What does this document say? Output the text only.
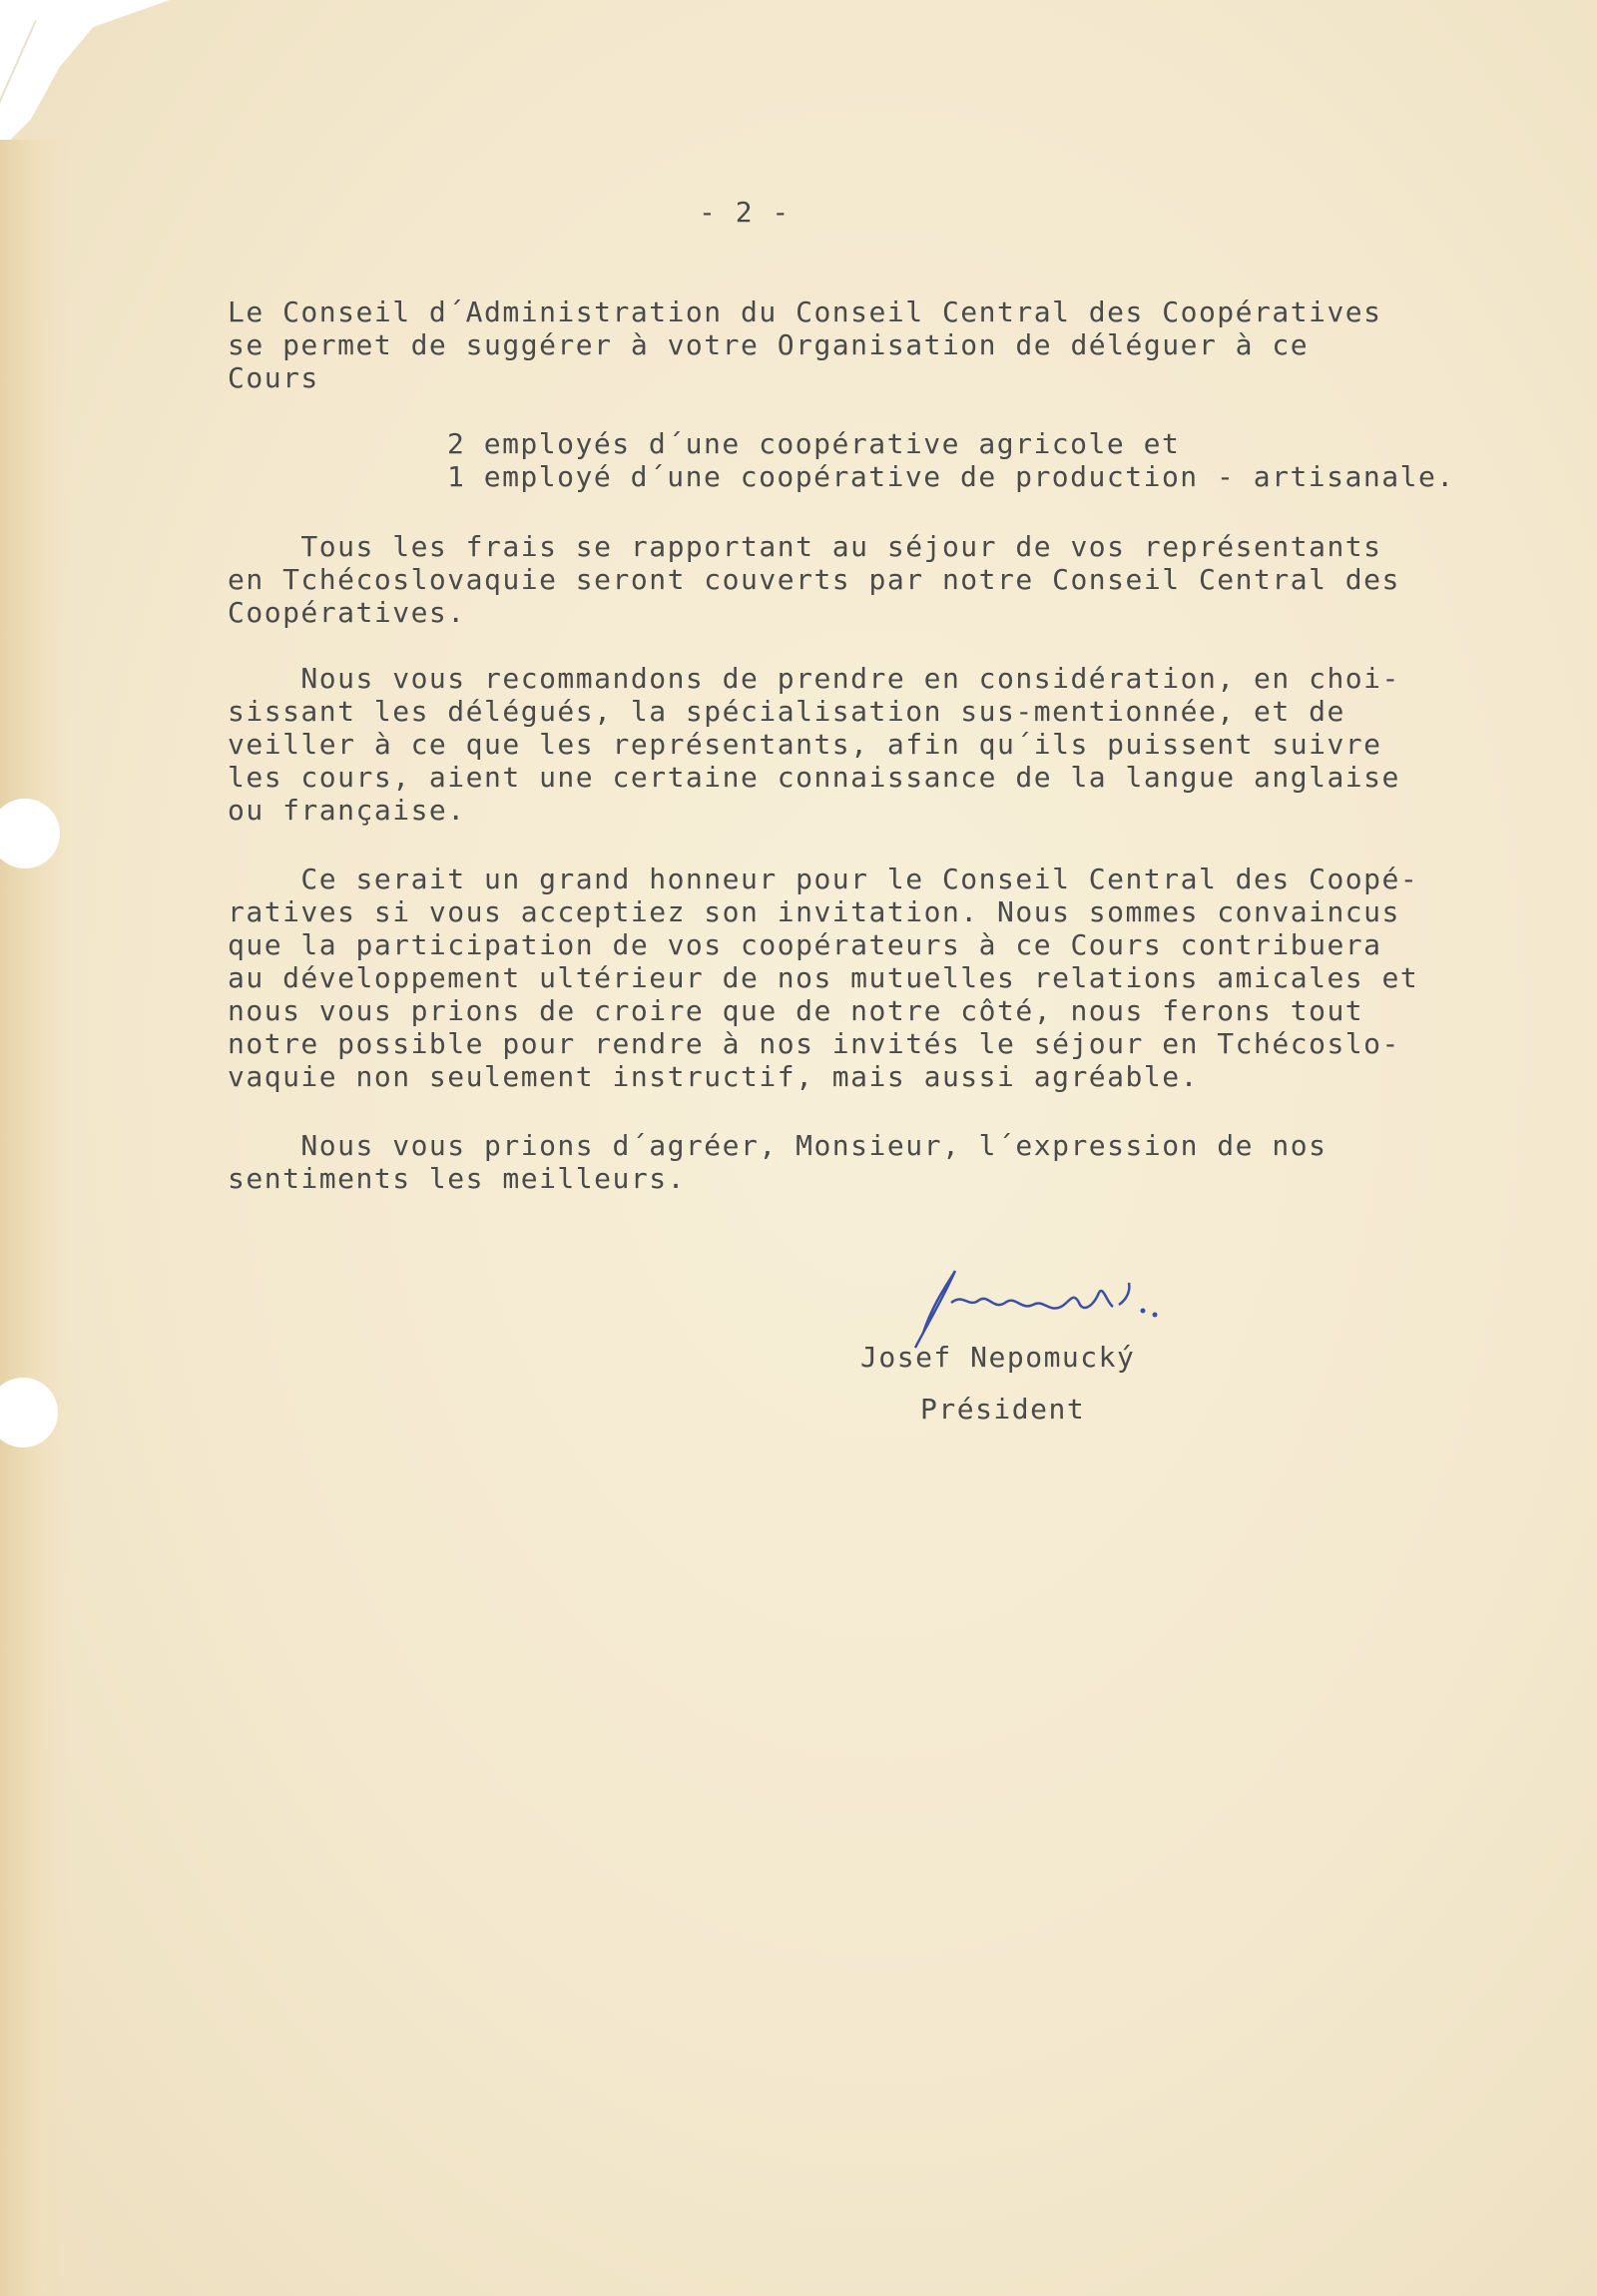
- 2 -

Le Conseil d´Administration du Conseil Central des Coopératives
se permet de suggérer à votre Organisation de déléguer à ce
Cours

2 employés d´une coopérative agricole et
1 employé d´une coopérative de production - artisanale.

Tous les frais se rapportant au séjour de vos représentants
en Tchécoslovaquie seront couverts par notre Conseil Central des
Coopératives.

Nous vous recommandons de prendre en considération, en choi-
sissant les délégués, la spécialisation sus-mentionnée, et de
veiller à ce que les représentants, afin qu´ils puissent suivre
les cours, aient une certaine connaissance de la langue anglaise
ou française.

Ce serait un grand honneur pour le Conseil Central des Coopé-
ratives si vous acceptiez son invitation. Nous sommes convaincus
que la participation de vos coopérateurs à ce Cours contribuera
au développement ultérieur de nos mutuelles relations amicales et
nous vous prions de croire que de notre côté, nous ferons tout
notre possible pour rendre à nos invités le séjour en Tchécoslo-
vaquie non seulement instructif, mais aussi agréable.

Nous vous prions d´agréer, Monsieur, l´expression de nos
sentiments les meilleurs.

Josef Nepomucký

Président
